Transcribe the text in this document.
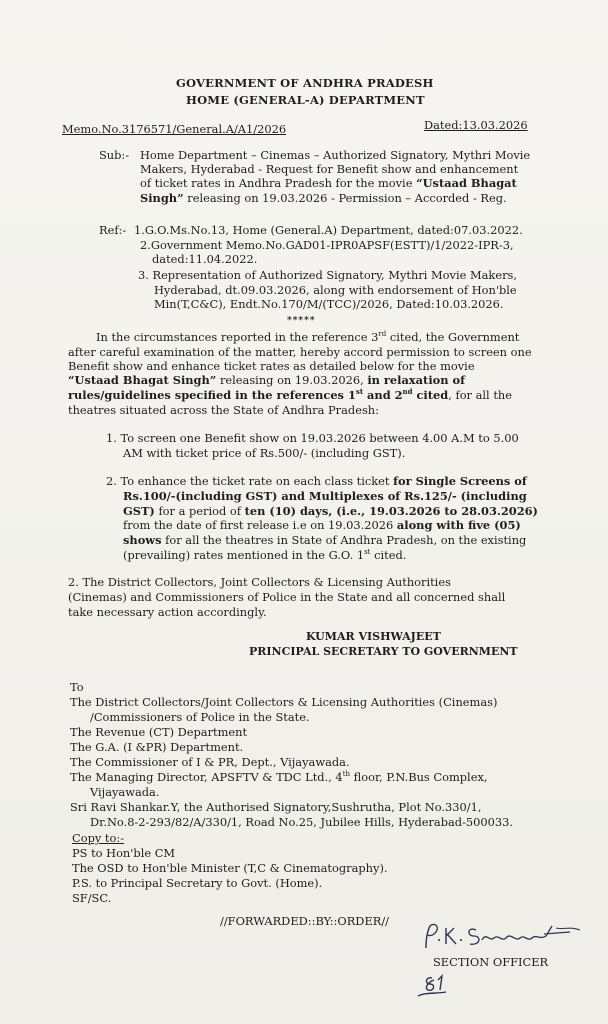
GOVERNMENT OF ANDHRA PRADESH
HOME (GENERAL-A) DEPARTMENT
Memo.No.3176571/General.A/A1/2026	Dated:13.03.2026
Sub:- Home Department – Cinemas – Authorized Signatory, Mythri Movie
Makers, Hyderabad - Request for Benefit show and enhancement
of ticket rates in Andhra Pradesh for the movie “Ustaad Bhagat
Singh” releasing on 19.03.2026 - Permission – Accorded - Reg.
Ref:- 1.G.O.Ms.No.13, Home (General.A) Department, dated:07.03.2022.
2.Government Memo.No.GAD01-IPR0APSF(ESTT)/1/2022-IPR-3,
dated:11.04.2022.
3. Representation of Authorized Signatory, Mythri Movie Makers,
Hyderabad, dt.09.03.2026, along with endorsement of Hon'ble
Min(T,C&C), Endt.No.170/M/(TCC)/2026, Dated:10.03.2026.
*****
In the circumstances reported in the reference 3rd cited, the Government
after careful examination of the matter, hereby accord permission to screen one
Benefit show and enhance ticket rates as detailed below for the movie
“Ustaad Bhagat Singh” releasing on 19.03.2026, in relaxation of
rules/guidelines specified in the references 1st and 2nd cited, for all the
theatres situated across the State of Andhra Pradesh:
1. To screen one Benefit show on 19.03.2026 between 4.00 A.M to 5.00
AM with ticket price of Rs.500/- (including GST).
2. To enhance the ticket rate on each class ticket for Single Screens of
Rs.100/-(including GST) and Multiplexes of Rs.125/- (including
GST) for a period of ten (10) days, (i.e., 19.03.2026 to 28.03.2026)
from the date of first release i.e on 19.03.2026 along with five (05)
shows for all the theatres in State of Andhra Pradesh, on the existing
(prevailing) rates mentioned in the G.O. 1st cited.
2. The District Collectors, Joint Collectors & Licensing Authorities
(Cinemas) and Commissioners of Police in the State and all concerned shall
take necessary action accordingly.
KUMAR VISHWAJEET
PRINCIPAL SECRETARY TO GOVERNMENT
To
The District Collectors/Joint Collectors & Licensing Authorities (Cinemas)
/Commissioners of Police in the State.
The Revenue (CT) Department
The G.A. (I &PR) Department.
The Commissioner of I & PR, Dept., Vijayawada.
The Managing Director, APSFTV & TDC Ltd., 4th floor, P.N.Bus Complex,
Vijayawada.
Sri Ravi Shankar.Y, the Authorised Signatory,Sushrutha, Plot No.330/1,
Dr.No.8-2-293/82/A/330/1, Road No.25, Jubilee Hills, Hyderabad-500033.
Copy to:-
PS to Hon'ble CM
The OSD to Hon'ble Minister (T,C & Cinematography).
P.S. to Principal Secretary to Govt. (Home).
SF/SC.
//FORWARDED::BY::ORDER//
SECTION OFFICER
